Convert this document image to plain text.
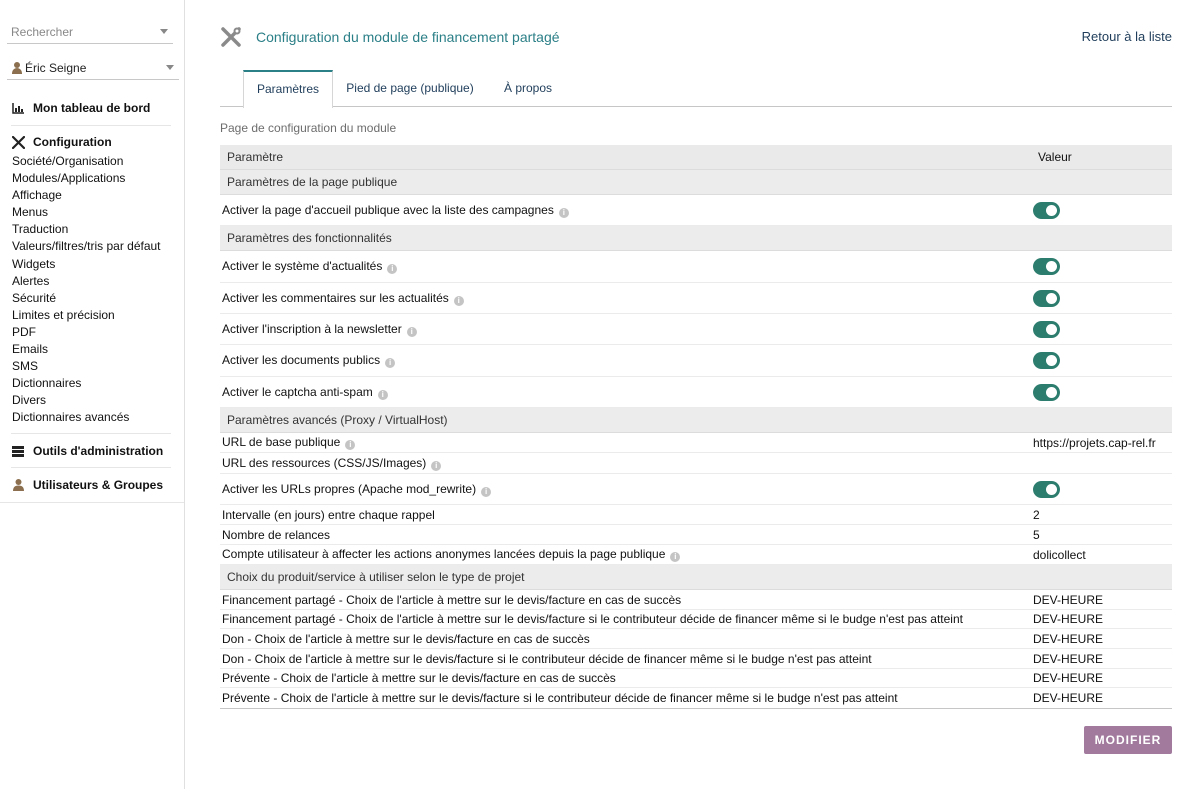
Rechercher
Éric Seigne
Mon tableau de bord
Configuration
Société/Organisation
Modules/Applications
Affichage
Menus
Traduction
Valeurs/filtres/tris par défaut
Widgets
Alertes
Sécurité
Limites et précision
PDF
Emails
SMS
Dictionnaires
Divers
Dictionnaires avancés
Outils d'administration
Utilisateurs & Groupes
Configuration du module de financement partagé	Retour à la liste
Paramètres	Pied de page (publique)	À propos
Page de configuration du module
Paramètre	Valeur
Paramètres de la page publique
Activer la page d'accueil publique avec la liste des campagnes i
Paramètres des fonctionnalités
Activer le système d'actualités i
Activer les commentaires sur les actualités i
Activer l'inscription à la newsletter i
Activer les documents publics i
Activer le captcha anti-spam i
Paramètres avancés (Proxy / VirtualHost)
URL de base publique i	https://projets.cap-rel.fr
URL des ressources (CSS/JS/Images) i
Activer les URLs propres (Apache mod_rewrite) i
Intervalle (en jours) entre chaque rappel	2
Nombre de relances	5
Compte utilisateur à affecter les actions anonymes lancées depuis la page publique i	dolicollect
Choix du produit/service à utiliser selon le type de projet
Financement partagé - Choix de l'article à mettre sur le devis/facture en cas de succès	DEV-HEURE
Financement partagé - Choix de l'article à mettre sur le devis/facture si le contributeur décide de financer même si le budge n'est pas atteint	DEV-HEURE
Don - Choix de l'article à mettre sur le devis/facture en cas de succès	DEV-HEURE
Don - Choix de l'article à mettre sur le devis/facture si le contributeur décide de financer même si le budge n'est pas atteint	DEV-HEURE
Prévente - Choix de l'article à mettre sur le devis/facture en cas de succès	DEV-HEURE
Prévente - Choix de l'article à mettre sur le devis/facture si le contributeur décide de financer même si le budge n'est pas atteint	DEV-HEURE
MODIFIER
